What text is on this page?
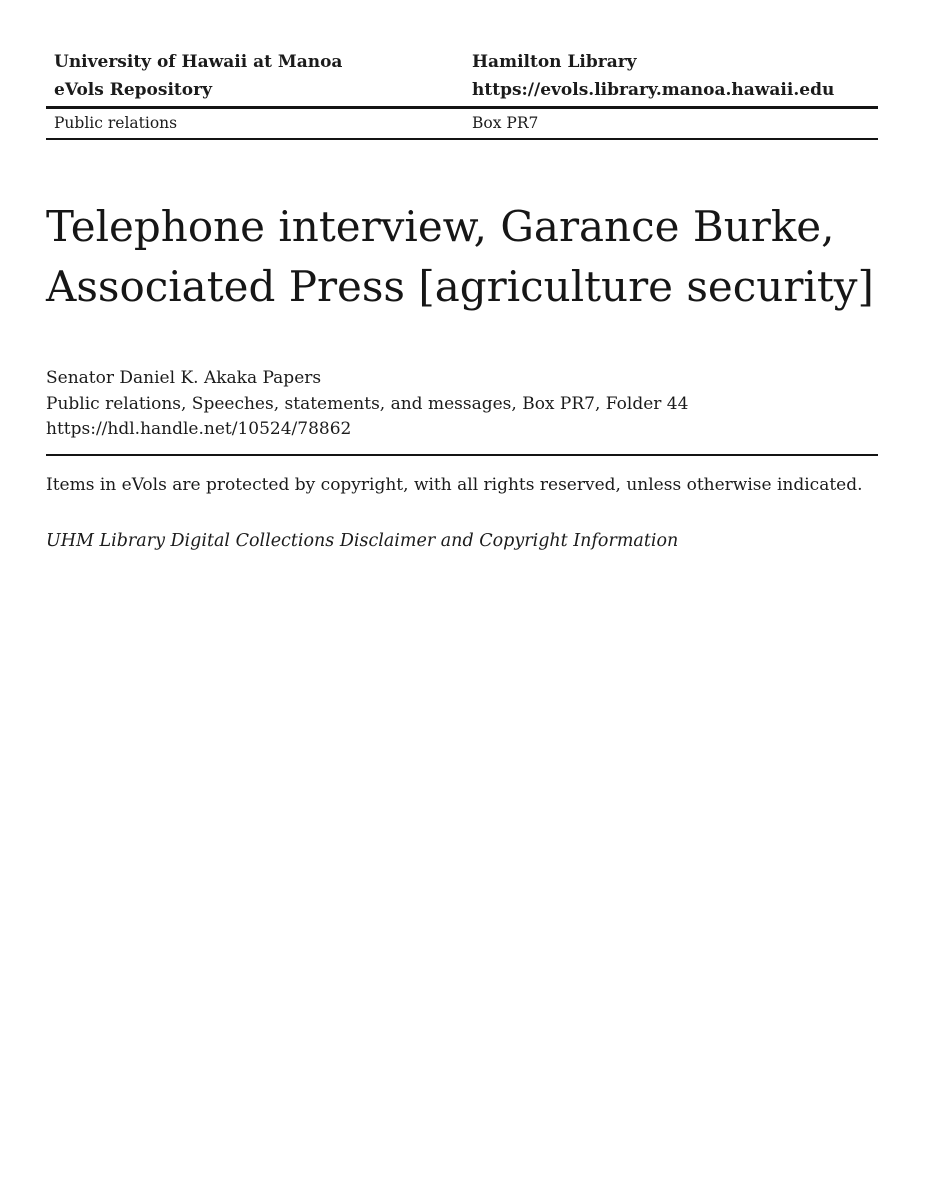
University of Hawaii at Manoa
eVols Repository
Hamilton Library
https://evols.library.manoa.hawaii.edu
Public relations	Box PR7
Telephone interview, Garance Burke, Associated Press [agriculture security]
Senator Daniel K. Akaka Papers
Public relations, Speeches, statements, and messages, Box PR7, Folder 44
https://hdl.handle.net/10524/78862

Items in eVols are protected by copyright, with all rights reserved, unless otherwise indicated.

UHM Library Digital Collections Disclaimer and Copyright Information
